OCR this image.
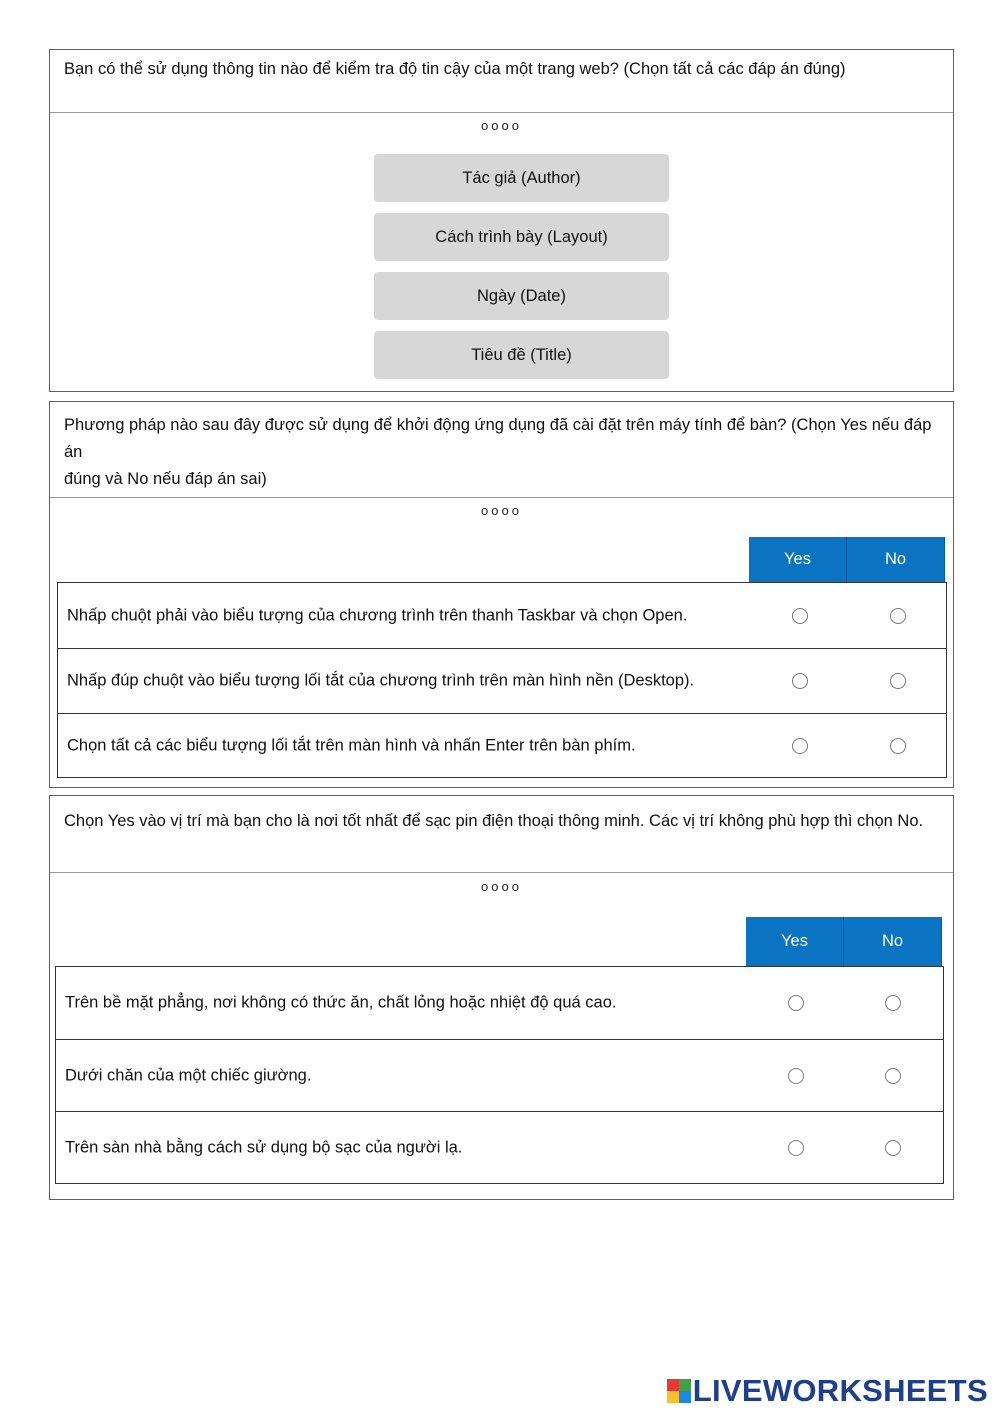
Bạn có thể sử dụng thông tin nào để kiểm tra độ tin cậy của một trang web? (Chọn tất cả các đáp án đúng)
oooo
Tác giả (Author)
Cách trình bày (Layout)
Ngày (Date)
Tiêu đề (Title)
Phương pháp nào sau đây được sử dụng để khởi động ứng dụng đã cài đặt trên máy tính để bàn? (Chọn Yes nếu đáp án
đúng và No nếu đáp án sai)
oooo
Yes	No
Nhấp chuột phải vào biểu tượng của chương trình trên thanh Taskbar và chọn Open.
Nhấp đúp chuột vào biểu tượng lối tắt của chương trình trên màn hình nền (Desktop).
Chọn tất cả các biểu tượng lối tắt trên màn hình và nhấn Enter trên bàn phím.
Chọn Yes vào vị trí mà bạn cho là nơi tốt nhất để sạc pin điện thoại thông minh. Các vị trí không phù hợp thì chọn No.
oooo
Yes	No
Trên bề mặt phẳng, nơi không có thức ăn, chất lỏng hoặc nhiệt độ quá cao.
Dưới chăn của một chiếc giường.
Trên sàn nhà bằng cách sử dụng bộ sạc của người lạ.
LIVEWORKSHEETS
